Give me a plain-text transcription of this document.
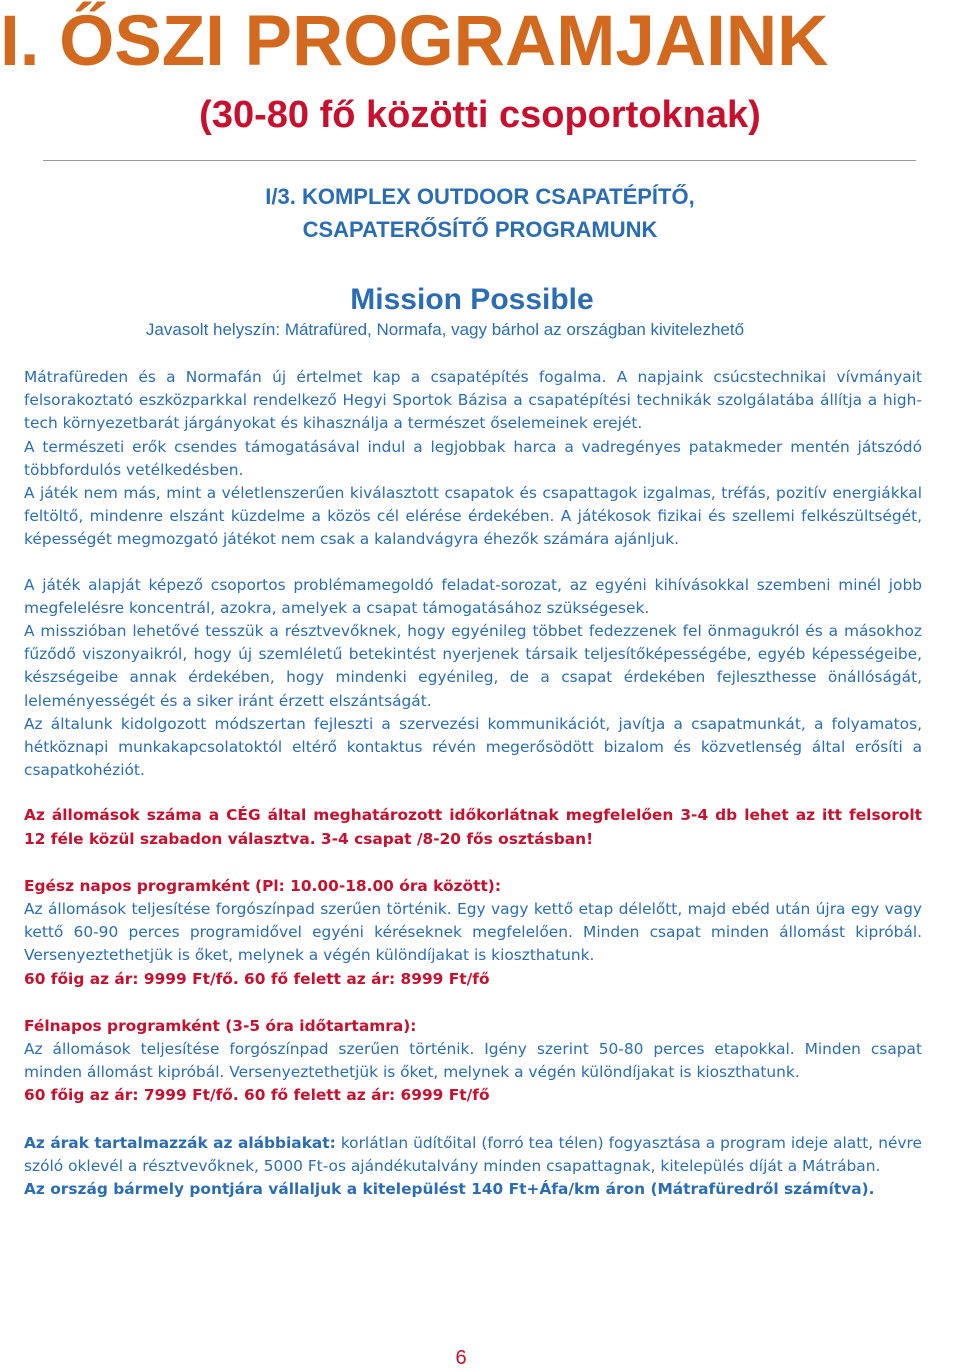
I. ŐSZI PROGRAMJAINK
(30-80 fő közötti csoportoknak)
I/3. KOMPLEX OUTDOOR CSAPATÉPÍTŐ,
CSAPATERŐSÍTŐ PROGRAMUNK
Mission Possible
Javasolt helyszín: Mátrafüred, Normafa, vagy bárhol az országban kivitelezhető

Mátrafüreden és a Normafán új értelmet kap a csapatépítés fogalma. A napjaink csúcstechnikai vívmányait felsorakoztató eszközparkkal rendelkező Hegyi Sportok Bázisa a csapatépítési technikák szolgálatába állítja a high-tech környezetbarát járgányokat és kihasználja a természet őselemeinek erejét.

A természeti erők csendes támogatásával indul a legjobbak harca a vadregényes patakmeder mentén játszódó többfordulós vetélkedésben.

A játék nem más, mint a véletlenszerűen kiválasztott csapatok és csapattagok izgalmas, tréfás, pozitív energiákkal feltöltő, mindenre elszánt küzdelme a közös cél elérése érdekében. A játékosok fizikai és szellemi felkészültségét, képességét megmozgató játékot nem csak a kalandvágyra éhezők számára ajánljuk.

A játék alapját képező csoportos problémamegoldó feladat-sorozat, az egyéni kihívásokkal szembeni minél jobb megfelelésre koncentrál, azokra, amelyek a csapat támogatásához szükségesek.

A misszióban lehetővé tesszük a résztvevőknek, hogy egyénileg többet fedezzenek fel önmagukról és a másokhoz fűződő viszonyaikról, hogy új szemléletű betekintést nyerjenek társaik teljesítőképességébe, egyéb képességeibe, készségeibe annak érdekében, hogy mindenki egyénileg, de a csapat érdekében fejleszthesse önállóságát, leleményességét és a siker iránt érzett elszántságát.

Az általunk kidolgozott módszertan fejleszti a szervezési kommunikációt, javítja a csapatmunkát, a folyamatos, hétköznapi munkakapcsolatoktól eltérő kontaktus révén megerősödött bizalom és közvetlenség által erősíti a csapatkohéziót.

Az állomások száma a CÉG által meghatározott időkorlátnak megfelelően 3-4 db lehet az itt felsorolt 12 féle közül szabadon választva. 3-4 csapat /8-20 fős osztásban!

Egész napos programként (Pl: 10.00-18.00 óra között):

Az állomások teljesítése forgószínpad szerűen történik. Egy vagy kettő etap délelőtt, majd ebéd után újra egy vagy kettő 60-90 perces programidővel egyéni kéréseknek megfelelően. Minden csapat minden állomást kipróbál. Versenyeztethetjük is őket, melynek a végén különdíjakat is kioszthatunk.

60 főig az ár: 9999 Ft/fő. 60 fő felett az ár: 8999 Ft/fő

Félnapos programként (3-5 óra időtartamra):

Az állomások teljesítése forgószínpad szerűen történik. Igény szerint 50-80 perces etapokkal. Minden csapat minden állomást kipróbál. Versenyeztethetjük is őket, melynek a végén különdíjakat is kioszthatunk.

60 főig az ár: 7999 Ft/fő. 60 fő felett az ár: 6999 Ft/fő

Az árak tartalmazzák az alábbiakat: korlátlan üdítőital (forró tea télen) fogyasztása a program ideje alatt, névre szóló oklevél a résztvevőknek, 5000 Ft-os ajándékutalvány minden csapattagnak, kitelepülés díját a Mátrában.

Az ország bármely pontjára vállaljuk a kitelepülést 140 Ft+Áfa/km áron (Mátrafüredről számítva).

6
